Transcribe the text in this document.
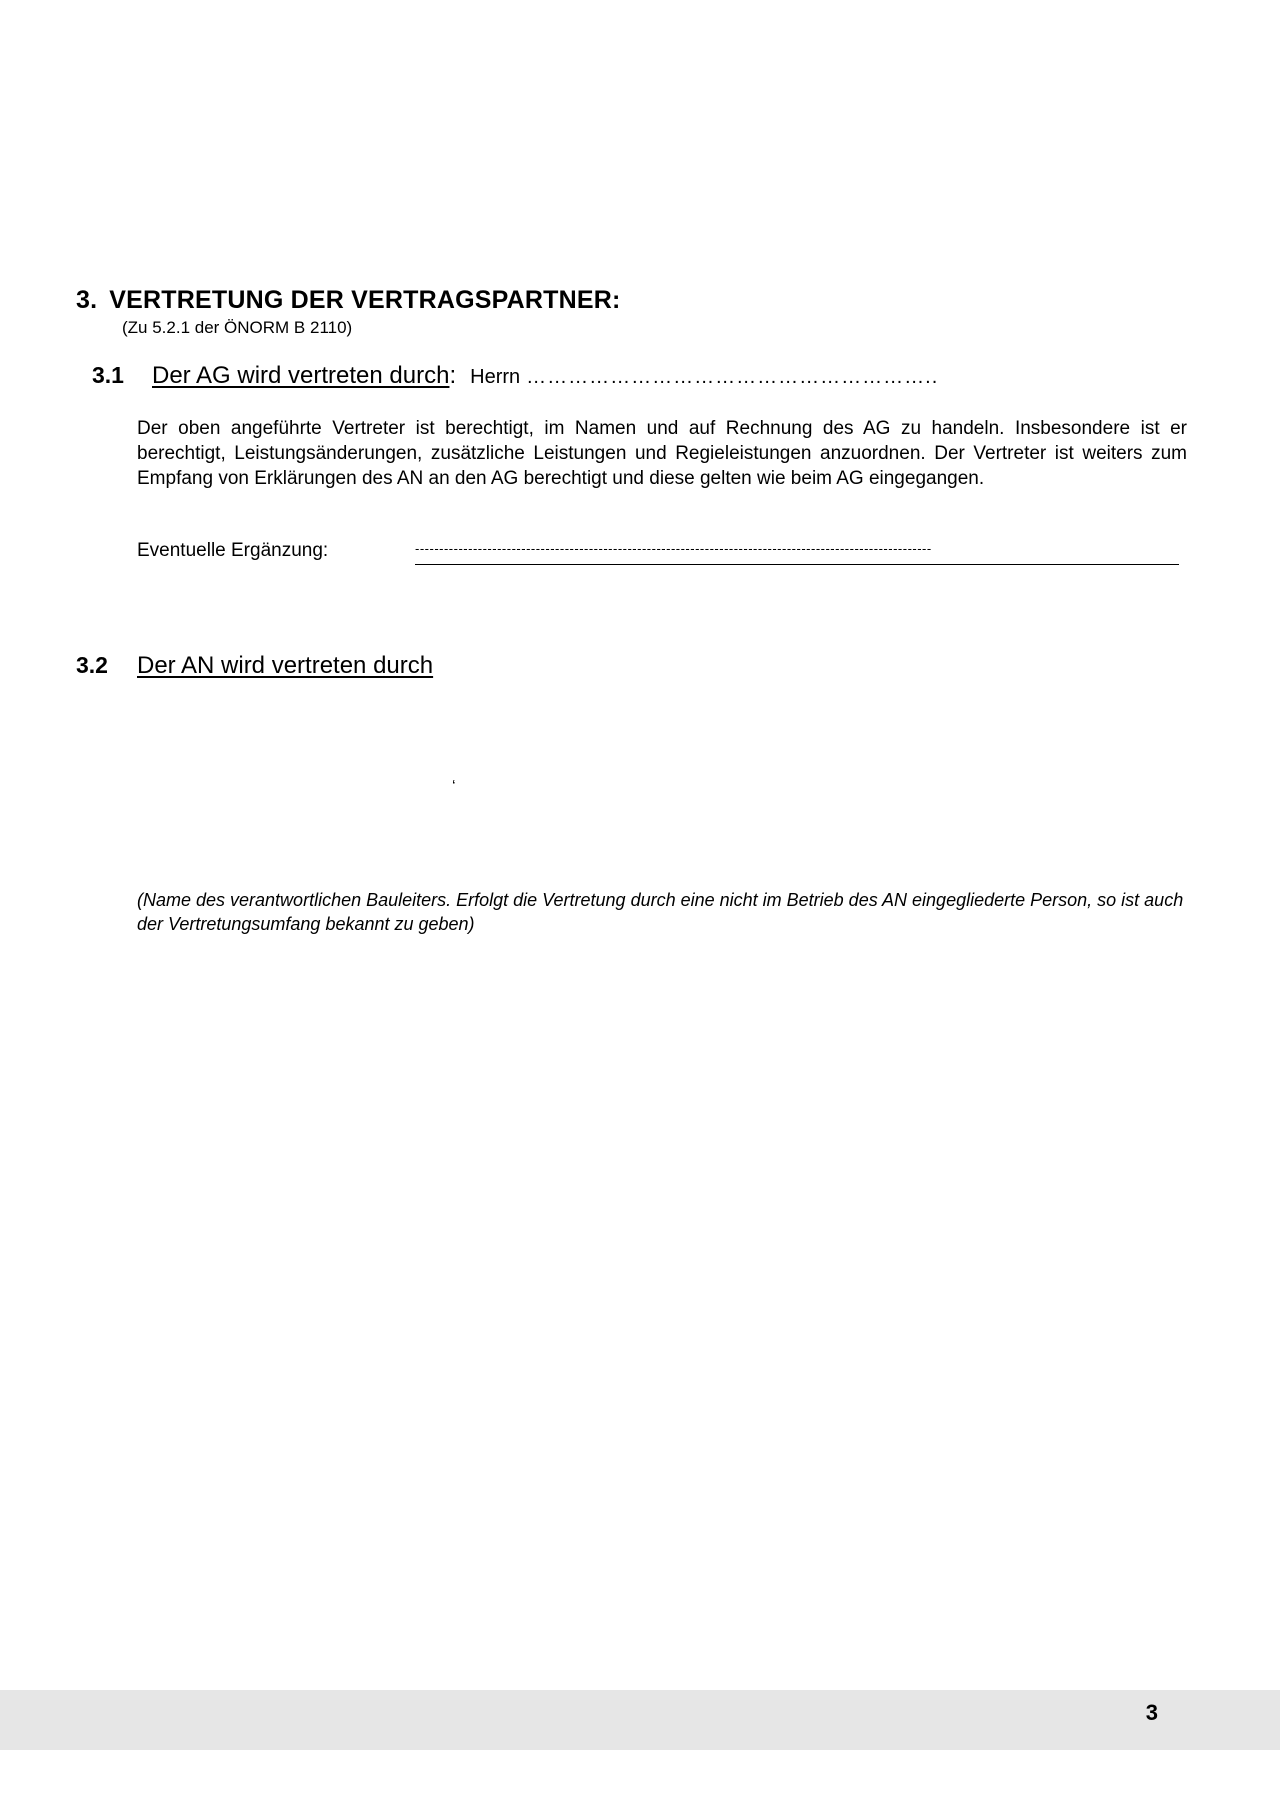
3. VERTRETUNG DER VERTRAGSPARTNER:
(Zu 5.2.1 der ÖNORM B 2110)
3.1	Der AG wird vertreten durch : Herrn …………………………………………………..
Der oben angeführte Vertreter ist berechtigt, im Namen und auf Rechnung des AG zu handeln. Insbesondere ist er berechtigt, Leistungsänderungen, zusätzliche Leistungen und Regieleistungen anzuordnen. Der Vertreter ist weiters zum Empfang von Erklärungen des AN an den AG berechtigt und diese gelten wie beim AG eingegangen.
Eventuelle Ergänzung:	-----------------------------------------------------------------------------------------------------------
3.2	Der AN wird vertreten durch
‘
(Name des verantwortlichen Bauleiters. Erfolgt die Vertretung durch eine nicht im Betrieb des AN eingegliederte Person, so ist auch der Vertretungsumfang bekannt zu geben)
3
